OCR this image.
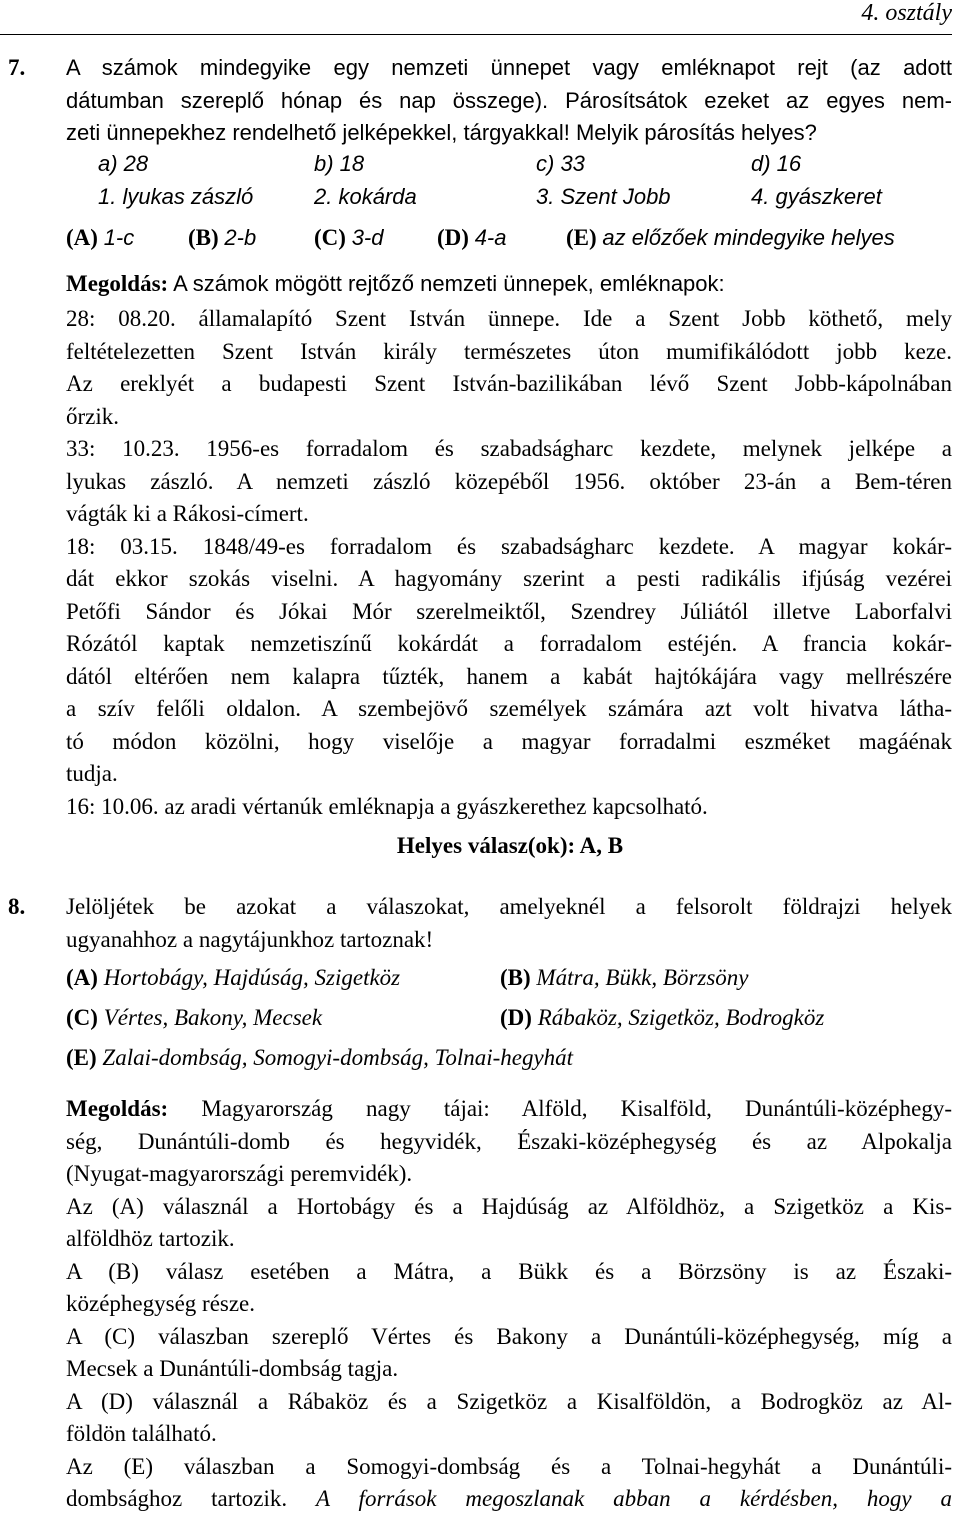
4. osztály
7. A számok mindegyike egy nemzeti ünnepet vagy emléknapot rejt (az adott
dátumban szereplő hónap és nap összege). Párosítsátok ezeket az egyes nem-
zeti ünnepekhez rendelhető jelképekkel, tárgyakkal! Melyik párosítás helyes?
a) 28	b) 18	c) 33	d) 16
1. lyukas zászló	2. kokárda	3. Szent Jobb	4. gyászkeret
(A) 1-c (B) 2-b	(C) 3-d (D) 4-a	(E) az előzőek mindegyike helyes
Megoldás: A számok mögött rejtőző nemzeti ünnepek, emléknapok:
28: 08.20. államalapító Szent István ünnepe. Ide a Szent Jobb köthető, mely
feltételezetten Szent István király természetes úton mumifikálódott jobb keze.
Az ereklyét a budapesti Szent István-bazilikában lévő Szent Jobb-kápolnában
őrzik.
33: 10.23. 1956-es forradalom és szabadságharc kezdete, melynek jelképe a
lyukas zászló. A nemzeti zászló közepéből 1956. október 23-án a Bem-téren
vágták ki a Rákosi-címert.
18: 03.15. 1848/49-es forradalom és szabadságharc kezdete. A magyar kokár-
dát ekkor szokás viselni. A hagyomány szerint a pesti radikális ifjúság vezérei
Petőfi Sándor és Jókai Mór szerelmeiktől, Szendrey Júliától illetve Laborfalvi
Rózától kaptak nemzetiszínű kokárdát a forradalom estéjén. A francia kokár-
dától eltérően nem kalapra tűzték, hanem a kabát hajtókájára vagy mellrészére
a szív felőli oldalon. A szembejövő személyek számára azt volt hivatva látha-
tó módon közölni, hogy viselője a magyar forradalmi eszméket magáénak
tudja.
16: 10.06. az aradi vértanúk emléknapja a gyászkerethez kapcsolható.
Helyes válasz(ok): A, B
8. Jelöljétek be azokat a válaszokat, amelyeknél a felsorolt földrajzi helyek
ugyanahhoz a nagytájunkhoz tartoznak!
(A) Hortobágy, Hajdúság, Szigetköz	(B) Mátra, Bükk, Börzsöny
(C) Vértes, Bakony, Mecsek	(D) Rábaköz, Szigetköz, Bodrogköz
(E) Zalai-dombság, Somogyi-dombság, Tolnai-hegyhát
Megoldás: Magyarország nagy tájai: Alföld, Kisalföld, Dunántúli-középhegy-
ség, Dunántúli-domb és hegyvidék, Északi-középhegység és az Alpokalja
(Nyugat-magyarországi peremvidék).
Az (A) válasznál a Hortobágy és a Hajdúság az Alföldhöz, a Szigetköz a Kis-
alföldhöz tartozik.
A (B) válasz esetében a Mátra, a Bükk és a Börzsöny is az Északi-
középhegység része.
A (C) válaszban szereplő Vértes és Bakony a Dunántúli-középhegység, míg a
Mecsek a Dunántúli-dombság tagja.
A (D) válasznál a Rábaköz és a Szigetköz a Kisalföldön, a Bodrogköz az Al-
földön található.
Az (E) válaszban a Somogyi-dombság és a Tolnai-hegyhát a Dunántúli-
dombsághoz tartozik. A források megoszlanak abban a kérdésben, hogy a
